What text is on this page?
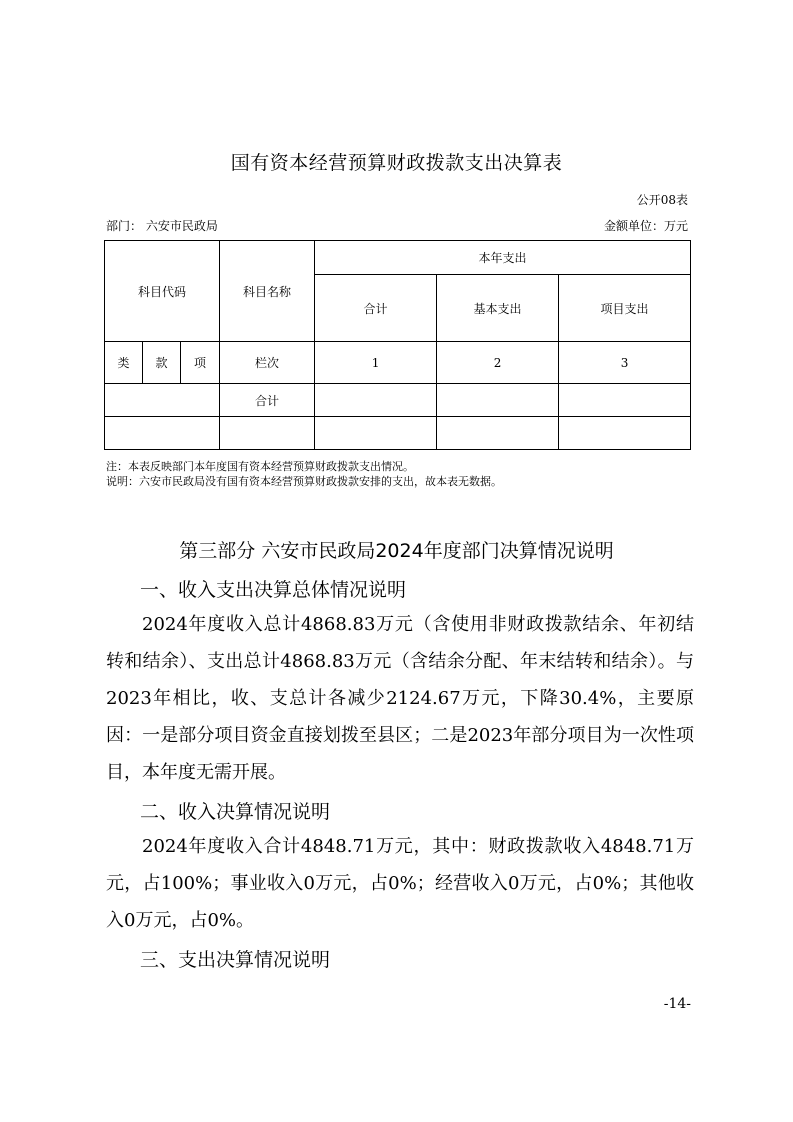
国有资本经营预算财政拨款支出决算表
公开08表
部门： 六安市民政局	金额单位：万元
科目代码			科目名称	本年支出		
				合计	基本支出	项目支出
类	款	项	栏次	1	2	3
			合计			

注：本表反映部门本年度国有资本经营预算财政拨款支出情况。
说明：六安市民政局没有国有资本经营预算财政拨款安排的支出，故本表无数据。
第三部分 六安市民政局2024年度部门决算情况说明
一、收入支出决算总体情况说明

2024年度收入总计4868.83万元（含使用非财政拨款结余、年初结转和结余）、支出总计4868.83万元（含结余分配、年末结转和结余）。与2023年相比，收、支总计各减少2124.67万元，下降30.4%，主要原因：一是部分项目资金直接划拨至县区；二是2023年部分项目为一次性项目，本年度无需开展。

二、收入决算情况说明

2024年度收入合计4848.71万元，其中：财政拨款收入4848.71万元，占100%；事业收入0万元，占0%；经营收入0万元，占0%；其他收入0万元，占0%。

三、支出决算情况说明
-14-
